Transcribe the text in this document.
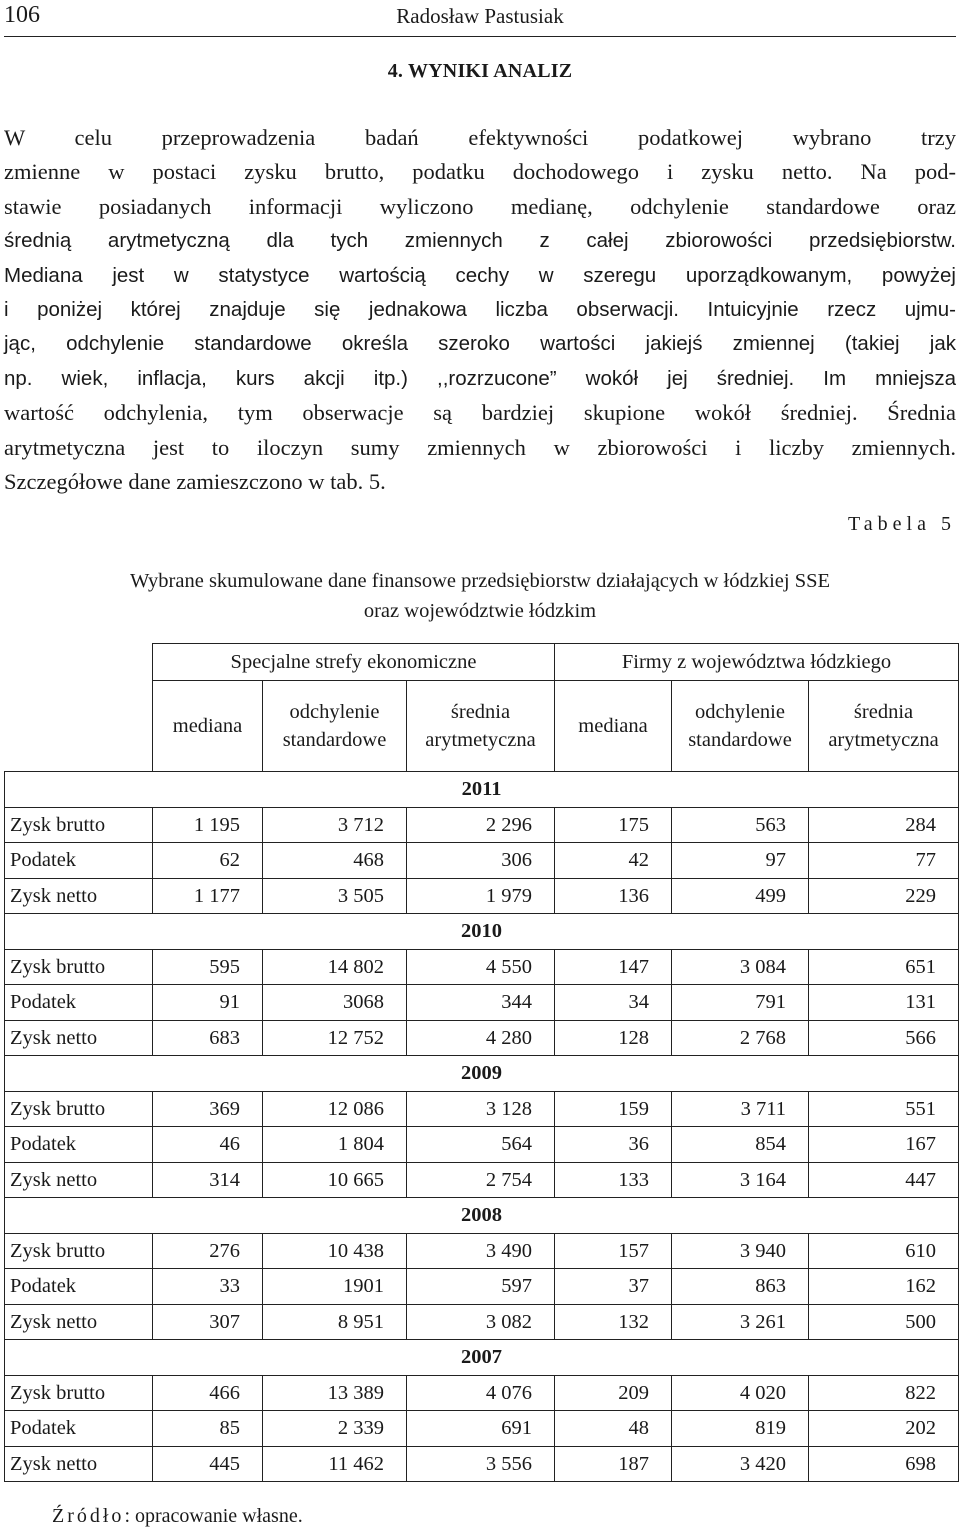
106	Radosław Pastusiak
4. WYNIKI ANALIZ

W celu przeprowadzenia badań efektywności podatkowej wybrano trzy
zmienne w postaci zysku brutto, podatku dochodowego i zysku netto. Na pod-
stawie posiadanych informacji wyliczono medianę, odchylenie standardowe oraz
średnią arytmetyczną dla tych zmiennych z całej zbiorowości przedsiębiorstw.
Mediana jest w statystyce wartością cechy w szeregu uporządkowanym, powyżej
i poniżej której znajduje się jednakowa liczba obserwacji. Intuicyjnie rzecz ujmu-
jąc, odchylenie standardowe określa szeroko wartości jakiejś zmiennej (takiej jak
np. wiek, inflacja, kurs akcji itp.) ,,rozrzucone” wokół jej średniej. Im mniejsza
wartość odchylenia, tym obserwacje są bardziej skupione wokół średniej. Średnia
arytmetyczna jest to iloczyn sumy zmiennych w zbiorowości i liczby zmiennych.
Szczegółowe dane zamieszczono w tab. 5.

Tabela 5
Wybrane skumulowane dane finansowe przedsiębiorstw działających w łódzkiej SSE
oraz województwie łódzkim
	Specjalne strefy ekonomiczne			Firmy z województwa łódzkiego		
	mediana	odchylenie
standardowe	średnia
arytmetyczna	mediana	odchylenie
standardowe	średnia
arytmetyczna
2011						
Zysk brutto	1 195	3 712	2 296	175	563	284
Podatek	62	468	306	42	97	77
Zysk netto	1 177	3 505	1 979	136	499	229
2010						
Zysk brutto	595	14 802	4 550	147	3 084	651
Podatek	91	3068	344	34	791	131
Zysk netto	683	12 752	4 280	128	2 768	566
2009						
Zysk brutto	369	12 086	3 128	159	3 711	551
Podatek	46	1 804	564	36	854	167
Zysk netto	314	10 665	2 754	133	3 164	447
2008						
Zysk brutto	276	10 438	3 490	157	3 940	610
Podatek	33	1901	597	37	863	162
Zysk netto	307	8 951	3 082	132	3 261	500
2007						
Zysk brutto	466	13 389	4 076	209	4 020	822
Podatek	85	2 339	691	48	819	202
Zysk netto	445	11 462	3 556	187	3 420	698
Źródło: opracowanie własne.
